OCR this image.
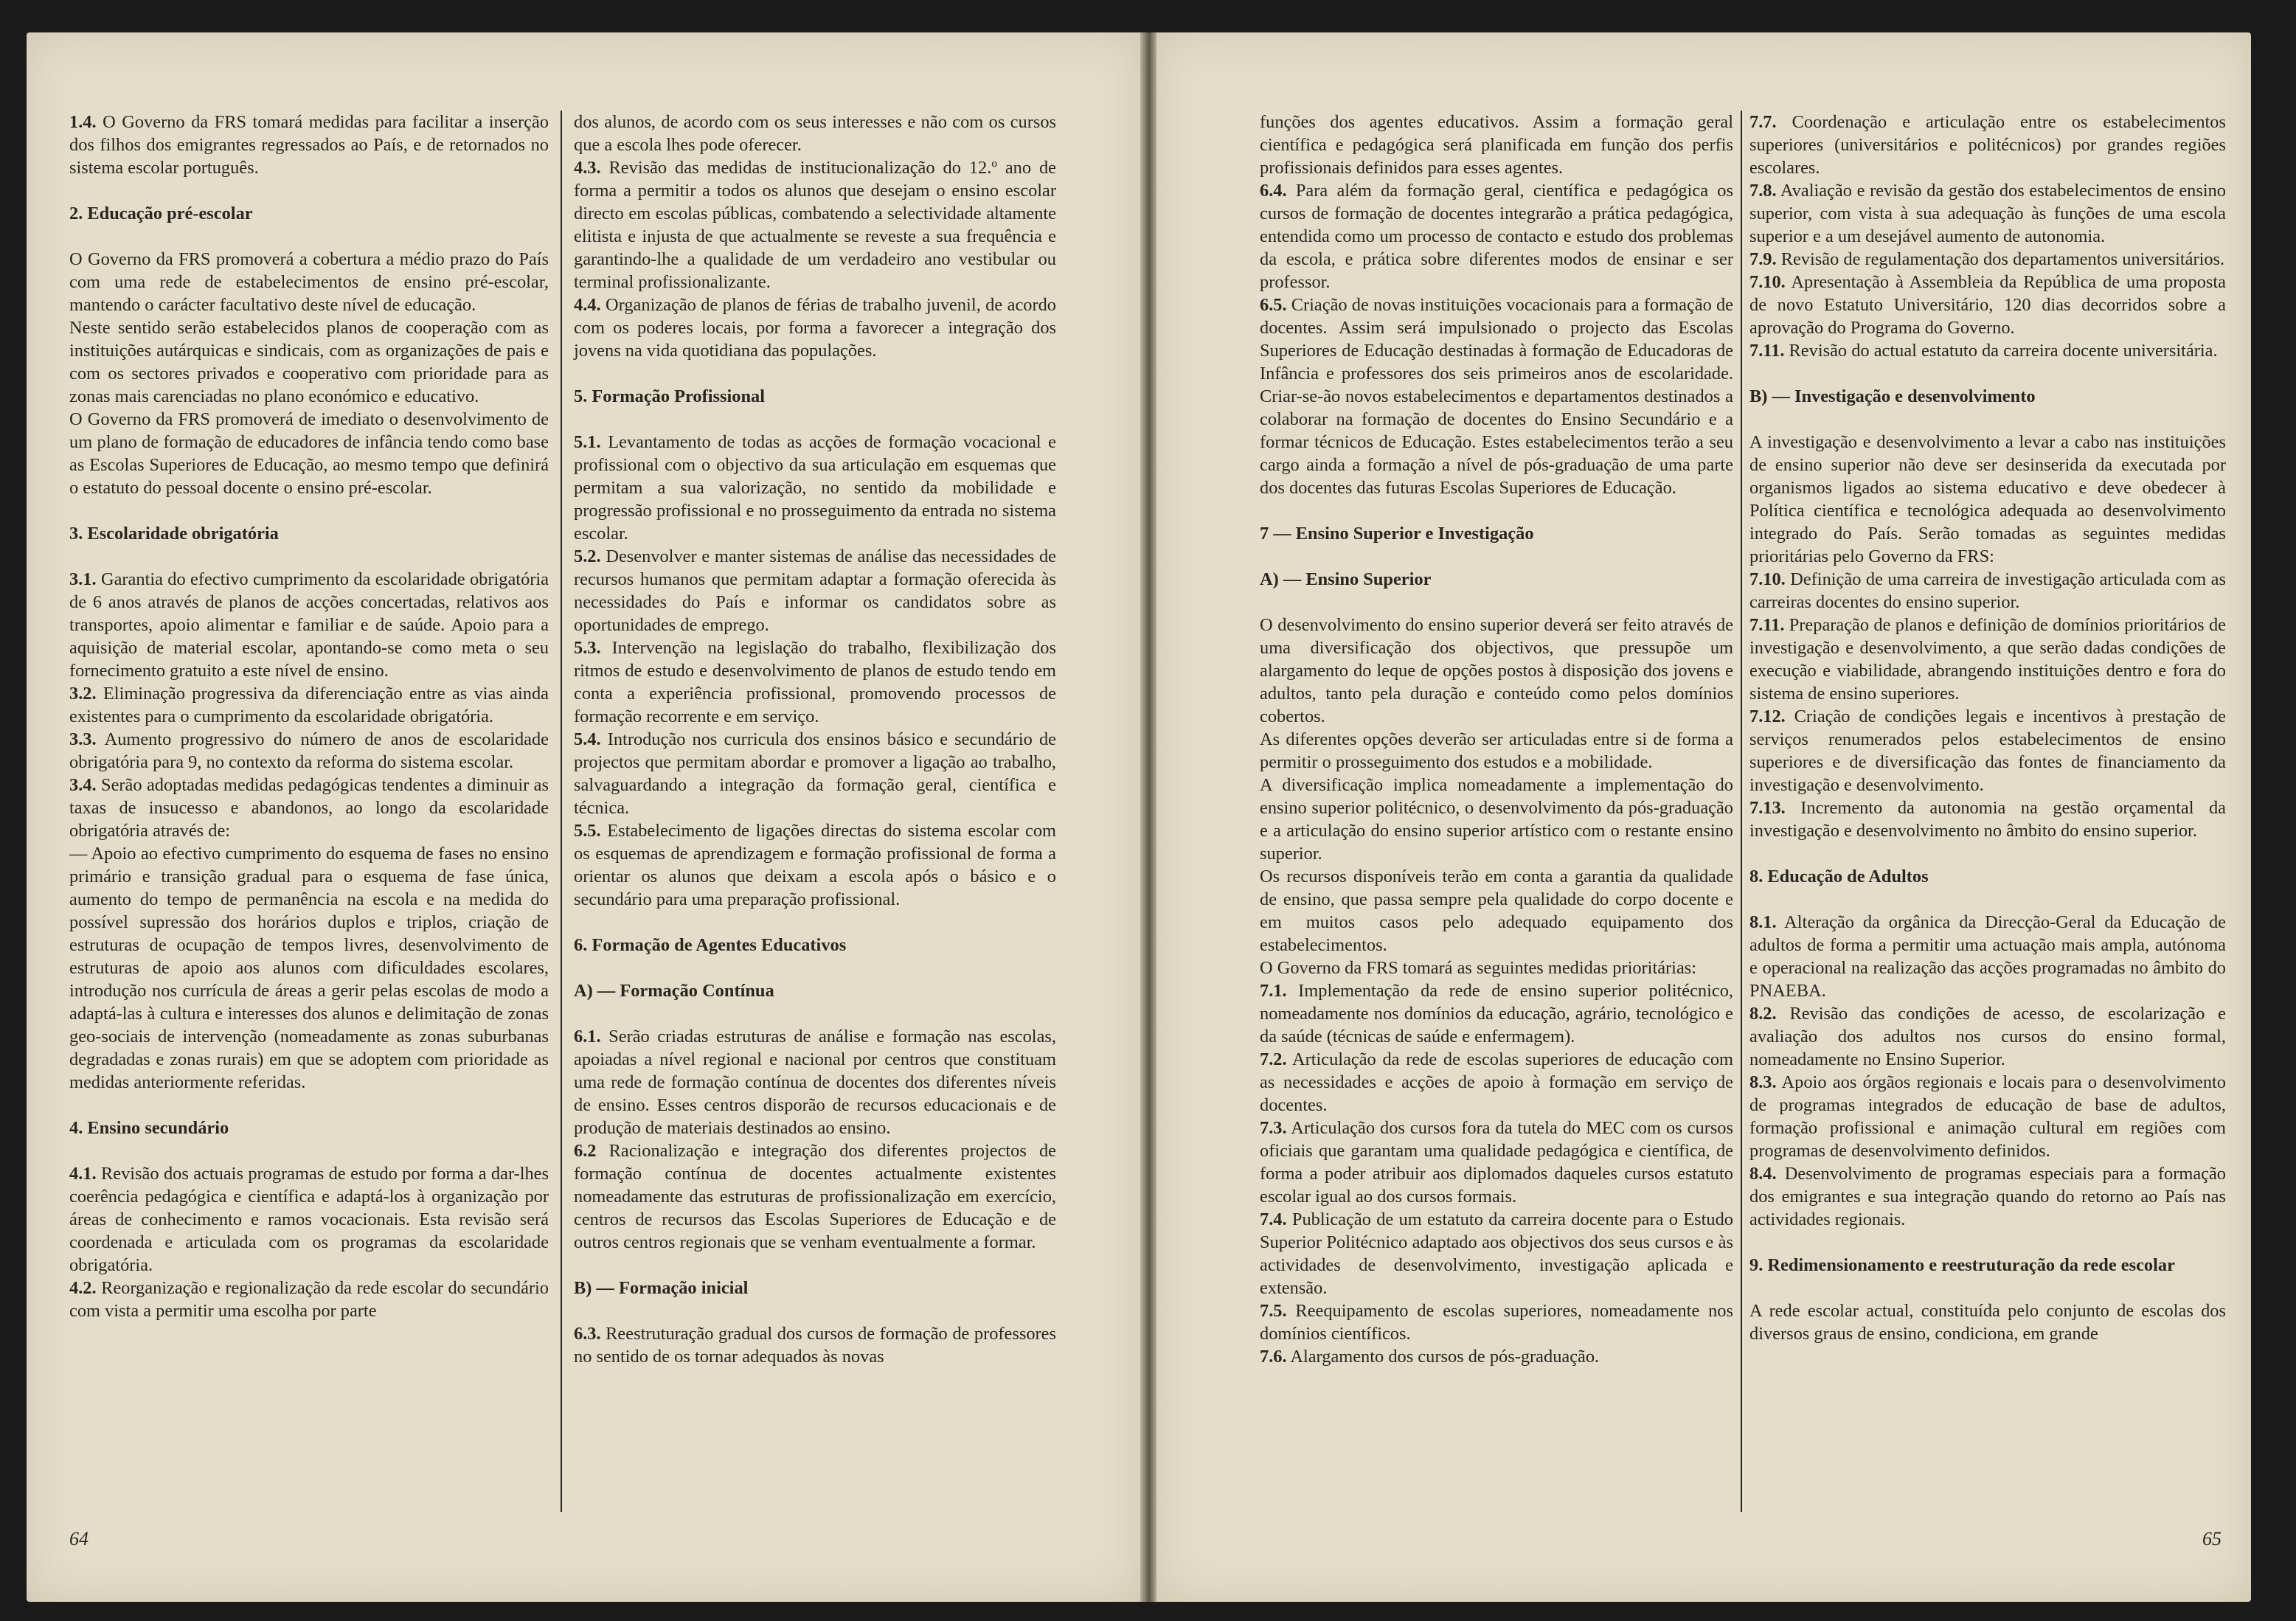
1.4. O Governo da FRS tomará medidas para facilitar a inserção dos filhos dos emigrantes regressados ao País, e de retornados no sistema escolar português.

2. Educação pré-escolar

O Governo da FRS promoverá a cobertura a médio prazo do País com uma rede de estabelecimentos de ensino pré-escolar, mantendo o carácter facultativo deste nível de educação.

Neste sentido serão estabelecidos planos de cooperação com as instituições autárquicas e sindicais, com as organizações de pais e com os sectores privados e cooperativo com prioridade para as zonas mais carenciadas no plano económico e educativo.

O Governo da FRS promoverá de imediato o desenvolvimento de um plano de formação de educadores de infância tendo como base as Escolas Superiores de Educação, ao mesmo tempo que definirá o estatuto do pessoal docente o ensino pré-escolar.

3. Escolaridade obrigatória

3.1. Garantia do efectivo cumprimento da escolaridade obrigatória de 6 anos através de planos de acções concertadas, relativos aos transportes, apoio alimentar e familiar e de saúde. Apoio para a aquisição de material escolar, apontando-se como meta o seu fornecimento gratuito a este nível de ensino.

3.2. Eliminação progressiva da diferenciação entre as vias ainda existentes para o cumprimento da escolaridade obrigatória.

3.3. Aumento progressivo do número de anos de escolaridade obrigatória para 9, no contexto da reforma do sistema escolar.

3.4. Serão adoptadas medidas pedagógicas tendentes a diminuir as taxas de insucesso e abandonos, ao longo da escolaridade obrigatória através de:

— Apoio ao efectivo cumprimento do esquema de fases no ensino primário e transição gradual para o esquema de fase única, aumento do tempo de permanência na escola e na medida do possível supressão dos horários duplos e triplos, criação de estruturas de ocupação de tempos livres, desenvolvimento de estruturas de apoio aos alunos com dificuldades escolares, introdução nos currícula de áreas a gerir pelas escolas de modo a adaptá-las à cultura e interesses dos alunos e delimitação de zonas geo-sociais de intervenção (nomeadamente as zonas suburbanas degradadas e zonas rurais) em que se adoptem com prioridade as medidas anteriormente referidas.

4. Ensino secundário

4.1. Revisão dos actuais programas de estudo por forma a dar-lhes coerência pedagógica e científica e adaptá-los à organização por áreas de conhecimento e ramos vocacionais. Esta revisão será coordenada e articulada com os programas da escolaridade obrigatória.

4.2. Reorganização e regionalização da rede escolar do secundário com vista a permitir uma escolha por parte

dos alunos, de acordo com os seus interesses e não com os cursos que a escola lhes pode oferecer.

4.3. Revisão das medidas de institucionalização do 12.º ano de forma a permitir a todos os alunos que desejam o ensino escolar directo em escolas públicas, combatendo a selectividade altamente elitista e injusta de que actualmente se reveste a sua frequência e garantindo-lhe a qualidade de um verdadeiro ano vestibular ou terminal profissionalizante.

4.4. Organização de planos de férias de trabalho juvenil, de acordo com os poderes locais, por forma a favorecer a integração dos jovens na vida quotidiana das populações.

5. Formação Profissional

5.1. Levantamento de todas as acções de formação vocacional e profissional com o objectivo da sua articulação em esquemas que permitam a sua valorização, no sentido da mobilidade e progressão profissional e no prosseguimento da entrada no sistema escolar.

5.2. Desenvolver e manter sistemas de análise das necessidades de recursos humanos que permitam adaptar a formação oferecida às necessidades do País e informar os candidatos sobre as oportunidades de emprego.

5.3. Intervenção na legislação do trabalho, flexibilização dos ritmos de estudo e desenvolvimento de planos de estudo tendo em conta a experiência profissional, promovendo processos de formação recorrente e em serviço.

5.4. Introdução nos curricula dos ensinos básico e secundário de projectos que permitam abordar e promover a ligação ao trabalho, salvaguardando a integração da formação geral, científica e técnica.

5.5. Estabelecimento de ligações directas do sistema escolar com os esquemas de aprendizagem e formação profissional de forma a orientar os alunos que deixam a escola após o básico e o secundário para uma preparação profissional.

6. Formação de Agentes Educativos
A) — Formação Contínua

6.1. Serão criadas estruturas de análise e formação nas escolas, apoiadas a nível regional e nacional por centros que constituam uma rede de formação contínua de docentes dos diferentes níveis de ensino. Esses centros disporão de recursos educacionais e de produção de materiais destinados ao ensino.

6.2 Racionalização e integração dos diferentes projectos de formação contínua de docentes actualmente existentes nomeadamente das estruturas de profissionalização em exercício, centros de recursos das Escolas Superiores de Educação e de outros centros regionais que se venham eventualmente a formar.

B) — Formação inicial

6.3. Reestruturação gradual dos cursos de formação de professores no sentido de os tornar adequados às novas

64

funções dos agentes educativos. Assim a formação geral científica e pedagógica será planificada em função dos perfis profissionais definidos para esses agentes.

6.4. Para além da formação geral, científica e pedagógica os cursos de formação de docentes integrarão a prática pedagógica, entendida como um processo de contacto e estudo dos problemas da escola, e prática sobre diferentes modos de ensinar e ser professor.

6.5. Criação de novas instituições vocacionais para a formação de docentes. Assim será impulsionado o projecto das Escolas Superiores de Educação destinadas à formação de Educadoras de Infância e professores dos seis primeiros anos de escolaridade. Criar-se-ão novos estabelecimentos e departamentos destinados a colaborar na formação de docentes do Ensino Secundário e a formar técnicos de Educação. Estes estabelecimentos terão a seu cargo ainda a formação a nível de pós-graduação de uma parte dos docentes das futuras Escolas Superiores de Educação.

7 — Ensino Superior e Investigação
A) — Ensino Superior

O desenvolvimento do ensino superior deverá ser feito através de uma diversificação dos objectivos, que pressupõe um alargamento do leque de opções postos à disposição dos jovens e adultos, tanto pela duração e conteúdo como pelos domínios cobertos.

As diferentes opções deverão ser articuladas entre si de forma a permitir o prosseguimento dos estudos e a mobilidade.

A diversificação implica nomeadamente a implementação do ensino superior politécnico, o desenvolvimento da pós-graduação e a articulação do ensino superior artístico com o restante ensino superior.

Os recursos disponíveis terão em conta a garantia da qualidade de ensino, que passa sempre pela qualidade do corpo docente e em muitos casos pelo adequado equipamento dos estabelecimentos.

O Governo da FRS tomará as seguintes medidas prioritárias:

7.1. Implementação da rede de ensino superior politécnico, nomeadamente nos domínios da educação, agrário, tecnológico e da saúde (técnicas de saúde e enfermagem).

7.2. Articulação da rede de escolas superiores de educação com as necessidades e acções de apoio à formação em serviço de docentes.

7.3. Articulação dos cursos fora da tutela do MEC com os cursos oficiais que garantam uma qualidade pedagógica e científica, de forma a poder atribuir aos diplomados daqueles cursos estatuto escolar igual ao dos cursos formais.

7.4. Publicação de um estatuto da carreira docente para o Estudo Superior Politécnico adaptado aos objectivos dos seus cursos e às actividades de desenvolvimento, investigação aplicada e extensão.

7.5. Reequipamento de escolas superiores, nomeadamente nos domínios científicos.

7.6. Alargamento dos cursos de pós-graduação.

7.7. Coordenação e articulação entre os estabelecimentos superiores (universitários e politécnicos) por grandes regiões escolares.

7.8. Avaliação e revisão da gestão dos estabelecimentos de ensino superior, com vista à sua adequação às funções de uma escola superior e a um desejável aumento de autonomia.

7.9. Revisão de regulamentação dos departamentos universitários.

7.10. Apresentação à Assembleia da República de uma proposta de novo Estatuto Universitário, 120 dias decorridos sobre a aprovação do Programa do Governo.

7.11. Revisão do actual estatuto da carreira docente universitária.

B) — Investigação e desenvolvimento

A investigação e desenvolvimento a levar a cabo nas instituições de ensino superior não deve ser desinserida da executada por organismos ligados ao sistema educativo e deve obedecer à Política científica e tecnológica adequada ao desenvolvimento integrado do País. Serão tomadas as seguintes medidas prioritárias pelo Governo da FRS:

7.10. Definição de uma carreira de investigação articulada com as carreiras docentes do ensino superior.

7.11. Preparação de planos e definição de domínios prioritários de investigação e desenvolvimento, a que serão dadas condições de execução e viabilidade, abrangendo instituições dentro e fora do sistema de ensino superiores.

7.12. Criação de condições legais e incentivos à prestação de serviços renumerados pelos estabelecimentos de ensino superiores e de diversificação das fontes de financiamento da investigação e desenvolvimento.

7.13. Incremento da autonomia na gestão orçamental da investigação e desenvolvimento no âmbito do ensino superior.

8. Educação de Adultos

8.1. Alteração da orgânica da Direcção-Geral da Educação de adultos de forma a permitir uma actuação mais ampla, autónoma e operacional na realização das acções programadas no âmbito do PNAEBA.

8.2. Revisão das condições de acesso, de escolarização e avaliação dos adultos nos cursos do ensino formal, nomeadamente no Ensino Superior.

8.3. Apoio aos órgãos regionais e locais para o desenvolvimento de programas integrados de educação de base de adultos, formação profissional e animação cultural em regiões com programas de desenvolvimento definidos.

8.4. Desenvolvimento de programas especiais para a formação dos emigrantes e sua integração quando do retorno ao País nas actividades regionais.

9. Redimensionamento e reestruturação da rede escolar

A rede escolar actual, constituída pelo conjunto de escolas dos diversos graus de ensino, condiciona, em grande

65
